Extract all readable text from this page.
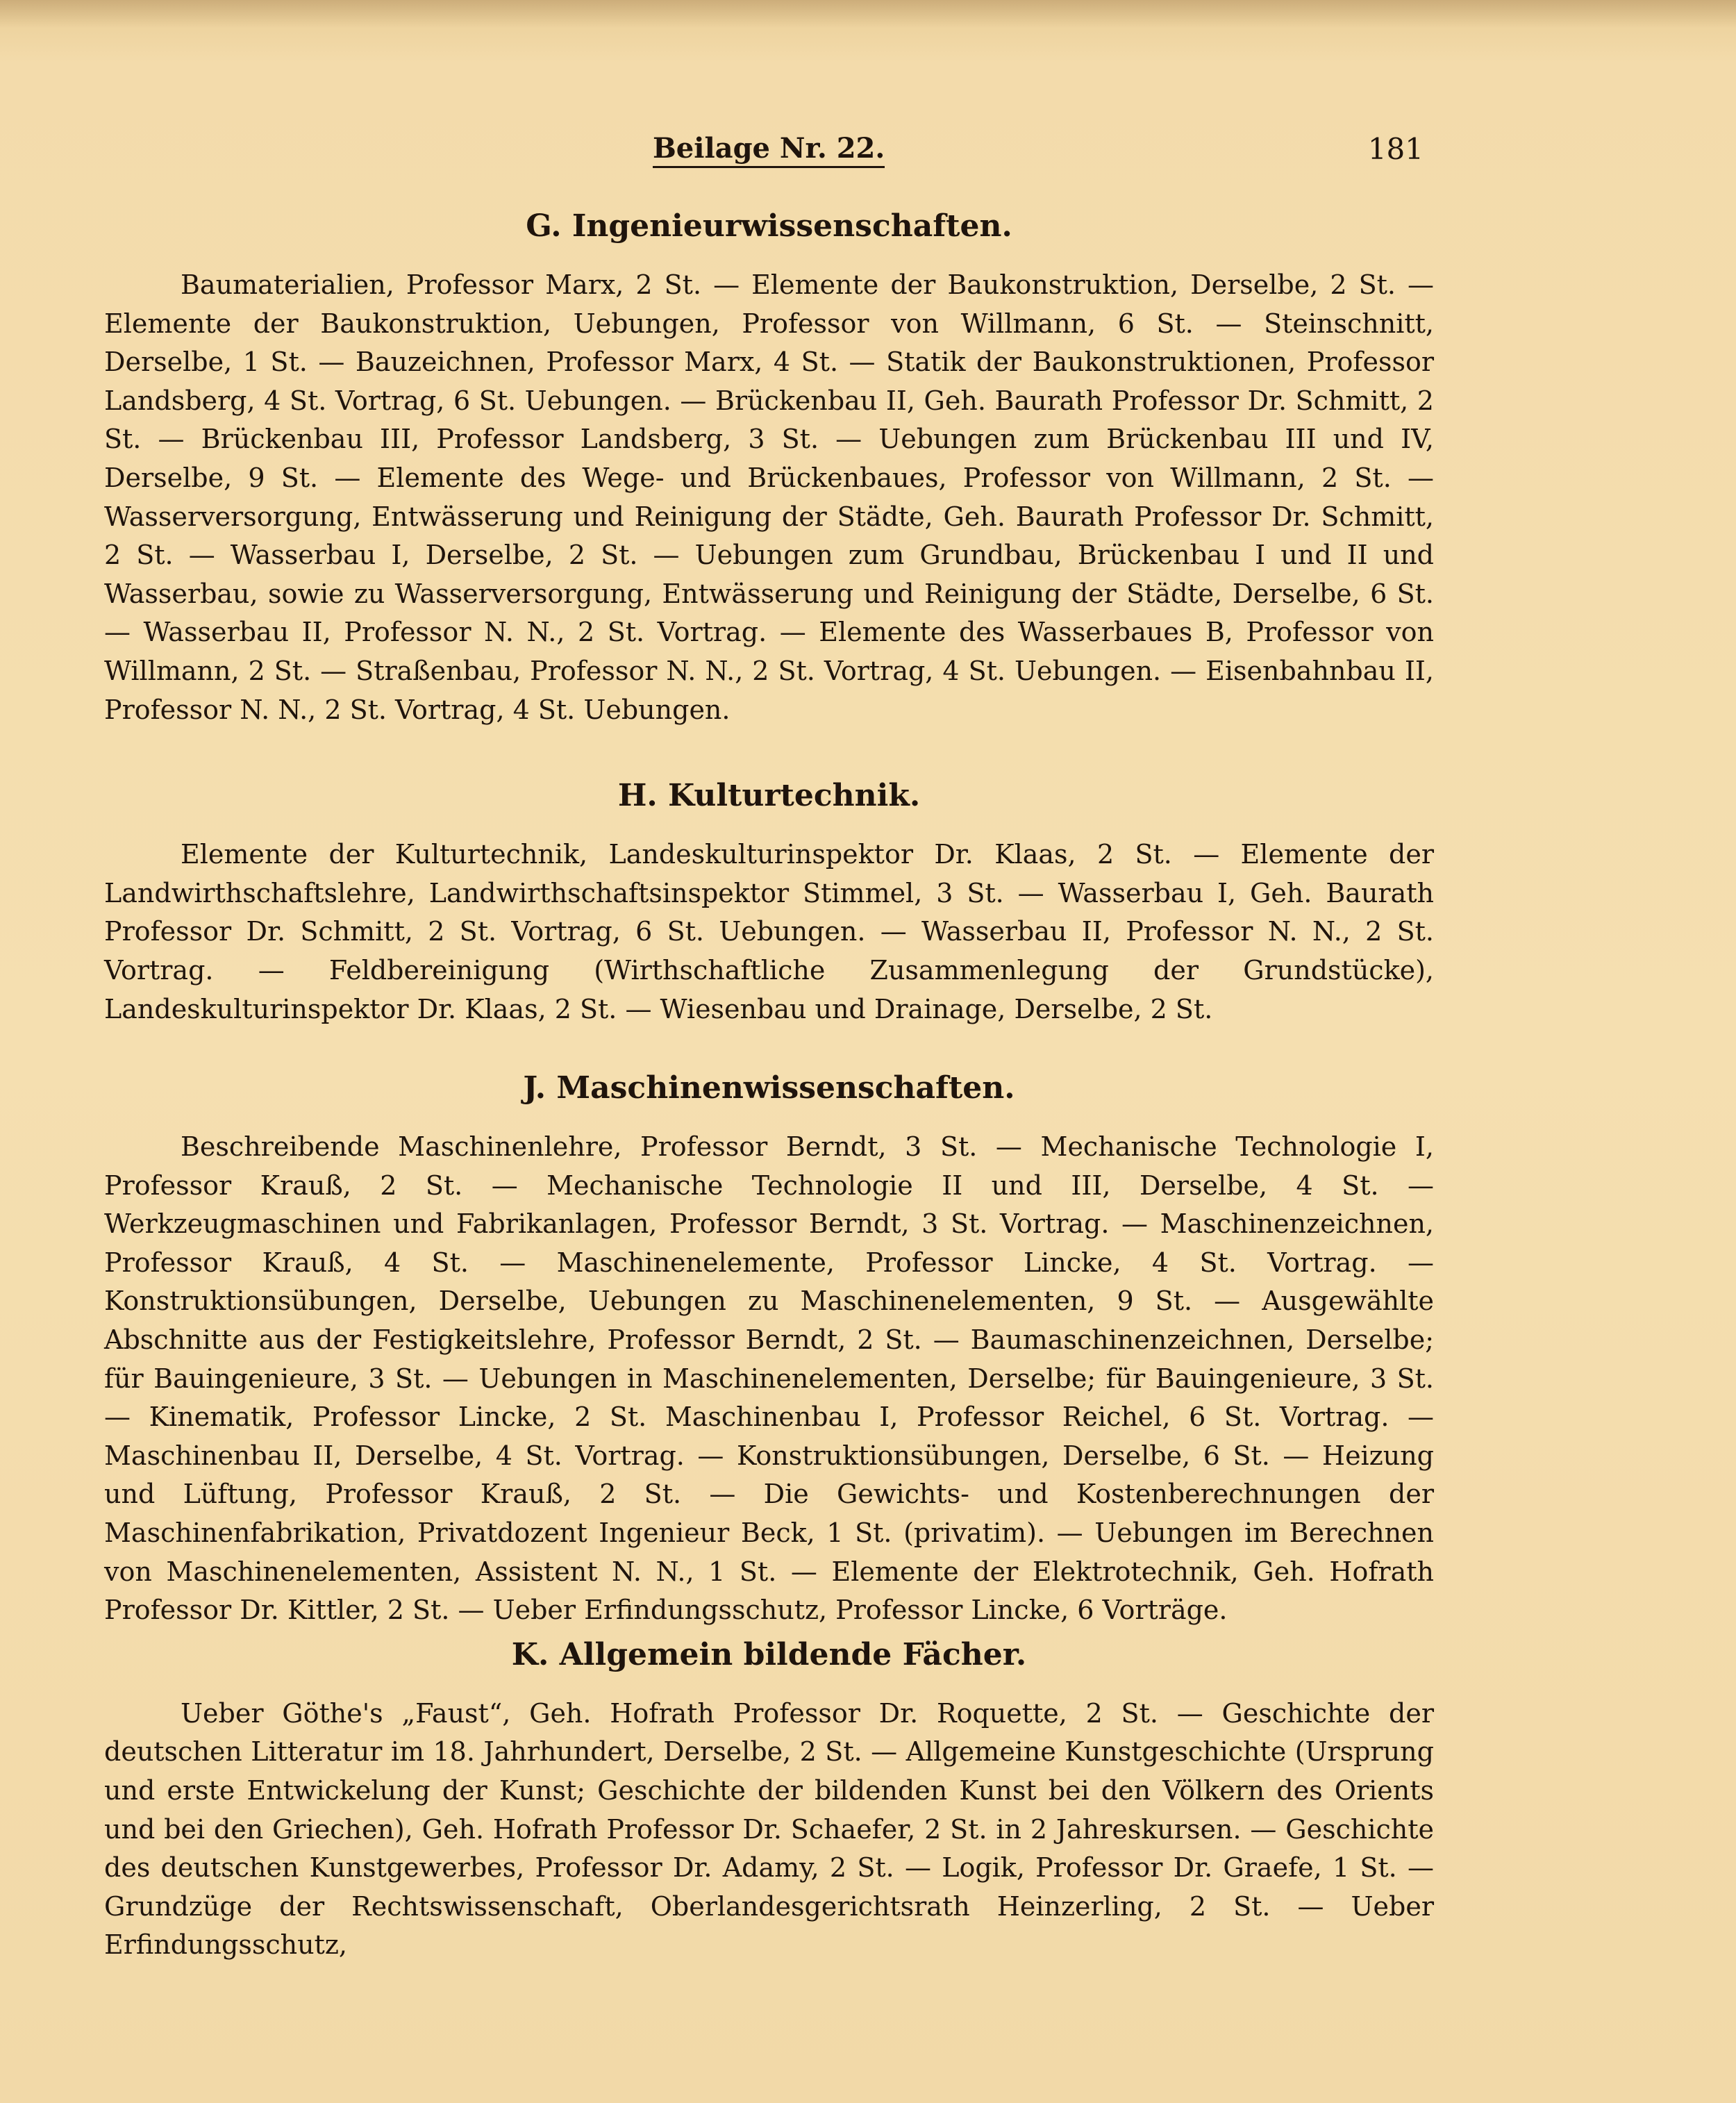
Beilage Nr. 22.	181
G. Ingenieurwissenschaften.

Baumaterialien, Professor Marx, 2 St. — Elemente der Baukonstruktion, Derselbe, 2 St. — Elemente der Baukonstruktion, Uebungen, Professor von Willmann, 6 St. — Steinschnitt, Derselbe, 1 St. — Bauzeichnen, Professor Marx, 4 St. — Statik der Baukonstruktionen, Professor Landsberg, 4 St. Vortrag, 6 St. Uebungen. — Brückenbau II, Geh. Baurath Professor Dr. Schmitt, 2 St. — Brückenbau III, Professor Landsberg, 3 St. — Uebungen zum Brückenbau III und IV, Derselbe, 9 St. — Elemente des Wege- und Brückenbaues, Professor von Willmann, 2 St. — Wasserversorgung, Entwässerung und Reinigung der Städte, Geh. Baurath Professor Dr. Schmitt, 2 St. — Wasserbau I, Derselbe, 2 St. — Uebungen zum Grundbau, Brückenbau I und II und Wasserbau, sowie zu Wasserversorgung, Entwässerung und Reinigung der Städte, Derselbe, 6 St. — Wasserbau II, Professor N. N., 2 St. Vortrag. — Elemente des Wasserbaues B, Professor von Willmann, 2 St. — Straßenbau, Professor N. N., 2 St. Vortrag, 4 St. Uebungen. — Eisenbahnbau II, Professor N. N., 2 St. Vortrag, 4 St. Uebungen.

H. Kulturtechnik.

Elemente der Kulturtechnik, Landeskulturinspektor Dr. Klaas, 2 St. — Elemente der Landwirthschaftslehre, Landwirthschaftsinspektor Stimmel, 3 St. — Wasserbau I, Geh. Baurath Professor Dr. Schmitt, 2 St. Vortrag, 6 St. Uebungen. — Wasserbau II, Professor N. N., 2 St. Vortrag. — Feldbereinigung (Wirthschaftliche Zusammenlegung der Grundstücke), Landeskulturinspektor Dr. Klaas, 2 St. — Wiesenbau und Drainage, Derselbe, 2 St.

J. Maschinenwissenschaften.

Beschreibende Maschinenlehre, Professor Berndt, 3 St. — Mechanische Technologie I, Professor Krauß, 2 St. — Mechanische Technologie II und III, Derselbe, 4 St. — Werkzeugmaschinen und Fabrikanlagen, Professor Berndt, 3 St. Vortrag. — Maschinenzeichnen, Professor Krauß, 4 St. — Maschinenelemente, Professor Lincke, 4 St. Vortrag. — Konstruktionsübungen, Derselbe, Uebungen zu Maschinenelementen, 9 St. — Ausgewählte Abschnitte aus der Festigkeitslehre, Professor Berndt, 2 St. — Baumaschinenzeichnen, Derselbe; für Bauingenieure, 3 St. — Uebungen in Maschinenelementen, Derselbe; für Bauingenieure, 3 St. — Kinematik, Professor Lincke, 2 St. Maschinenbau I, Professor Reichel, 6 St. Vortrag. — Maschinenbau II, Derselbe, 4 St. Vortrag. — Konstruktionsübungen, Derselbe, 6 St. — Heizung und Lüftung, Professor Krauß, 2 St. — Die Gewichts- und Kostenberechnungen der Maschinenfabrikation, Privatdozent Ingenieur Beck, 1 St. (privatim). — Uebungen im Berechnen von Maschinenelementen, Assistent N. N., 1 St. — Elemente der Elektrotechnik, Geh. Hofrath Professor Dr. Kittler, 2 St. — Ueber Erfindungsschutz, Professor Lincke, 6 Vorträge.

K. Allgemein bildende Fächer.

Ueber Göthe's „Faust“, Geh. Hofrath Professor Dr. Roquette, 2 St. — Geschichte der deutschen Litteratur im 18. Jahrhundert, Derselbe, 2 St. — Allgemeine Kunstgeschichte (Ursprung und erste Entwickelung der Kunst; Geschichte der bildenden Kunst bei den Völkern des Orients und bei den Griechen), Geh. Hofrath Professor Dr. Schaefer, 2 St. in 2 Jahreskursen. — Geschichte des deutschen Kunstgewerbes, Professor Dr. Adamy, 2 St. — Logik, Professor Dr. Graefe, 1 St. — Grundzüge der Rechtswissenschaft, Oberlandesgerichtsrath Heinzerling, 2 St. — Ueber Erfindungsschutz,
